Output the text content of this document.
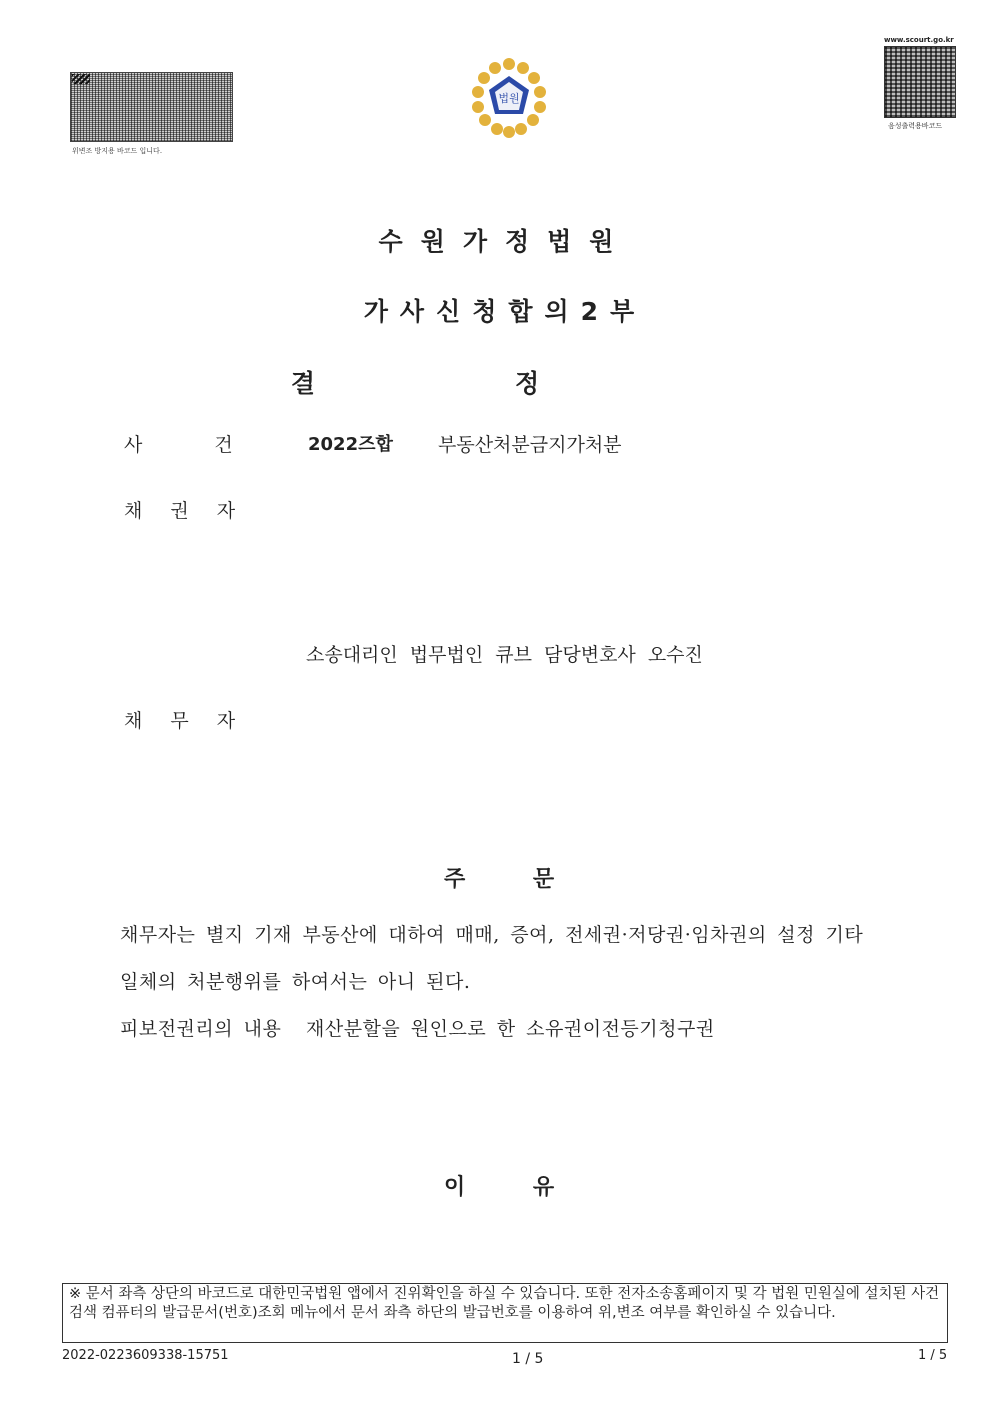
위변조 방지용 바코드 입니다.
법원
www.scourt.go.kr
음성출력용바코드
수원가정법원
가사신청합의2부
결정
사건 2022즈합 부동산처분금지가처분
채권자
소송대리인 법무법인 큐브 담당변호사 오수진
채무자
주 문
채무자는 별지 기재 부동산에 대하여 매매, 증여, 전세권·저당권·임차권의 설정 기타
일체의 처분행위를 하여서는 아니 된다.
피보전권리의 내용 재산분할을 원인으로 한 소유권이전등기청구권
이 유
※ 문서 좌측 상단의 바코드로 대한민국법원 앱에서 진위확인을 하실 수 있습니다. 또한 전자소송홈페이지 및 각 법원 민원실에 설치된 사건검색 컴퓨터의 발급문서(번호)조회 메뉴에서 문서 좌측 하단의 발급번호를 이용하여 위,변조 여부를 확인하실 수 있습니다.
2022-0223609338-15751	1 / 5	1 / 5
